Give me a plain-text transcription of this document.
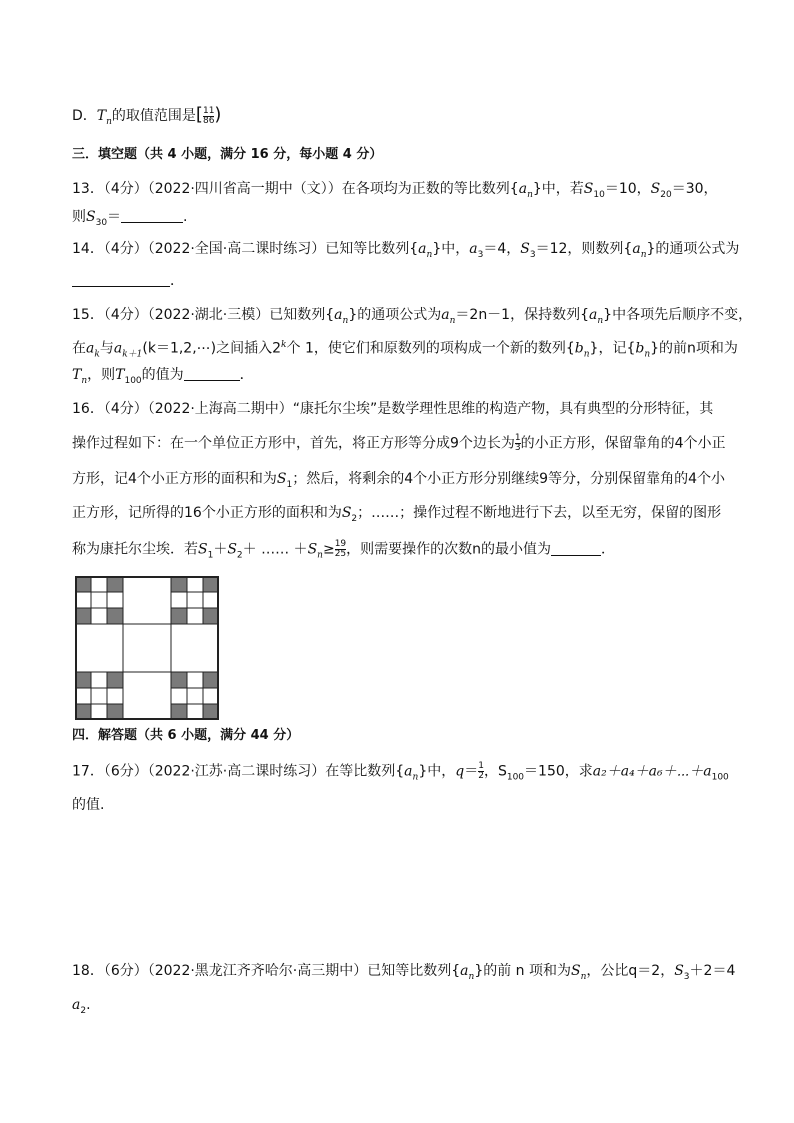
D．$T_n$的取值范围是[ $\frac{1}{8} \frac{1}{6}$ )
三．填空题（共 4 小题，满分 16 分，每小题 4 分）
13．（4分）（2022·四川省高一期中（文））在各项均为正数的等比数列$\{a_n\}$中，若$S_{10}=10$，$S_{20}=30$，
则$S_{30}=$	.
14．（4分）（2022·全国·高二课时练习）已知等比数列$\{a_n\}$中，$a_3=4$，$S_3=12$，则数列$\{a_n\}$的通项公式为
．
15．（4分）（2022·湖北·三模）已知数列$\{a_n\}$的通项公式为$a_n=2n-1$，保持数列$\{a_n\}$中各项先后顺序不变，
在$a_k$与$a_{k+1}(k=1,2,\cdots)$之间插入2$^k$个 1，使它们和原数列的项构成一个新的数列$\{b_n\}$，记$\{b_n\}$的前n项和为
$T_n$，则$T_{100}$的值为	．
16．（4分）（2022·上海高二期中）“康托尔尘埃”是数学理性思维的构造产物，具有典型的分形特征，其
操作过程如下：在一个单位正方形中，首先，将正方形等分成9个边长为 $\frac{1}{3}$ 的小正方形，保留靠角的4个小正
方形，记4个小正方形的面积和为$S_1$；然后，将剩余的4个小正方形分别继续9等分，分别保留靠角的4个小
正方形，记所得的16个小正方形的面积和为$S_2$；……；操作过程不断地进行下去，以至无穷，保留的图形
称为康托尔尘埃．若$S_1+S_2+$ …… $+S_n\ge \frac{19}{25}$ ，则需要操作的次数n的最小值为	．
四．解答题（共 6 小题，满分 44 分）
17．（6分）（2022·江苏·高二课时练习）在等比数列$\{a_n\}$中，$q= \frac{1}{2}$ ，$S_{100}=150$，求$a_2+a_4+a_6+\cdots+a_{100}$
的值.
18．（6分）（2022·黑龙江齐齐哈尔·高三期中）已知等比数列$\{a_n\}$的前 n 项和为$S_n$，公比q＝2，$S_3+2=4$
$a_2$.
